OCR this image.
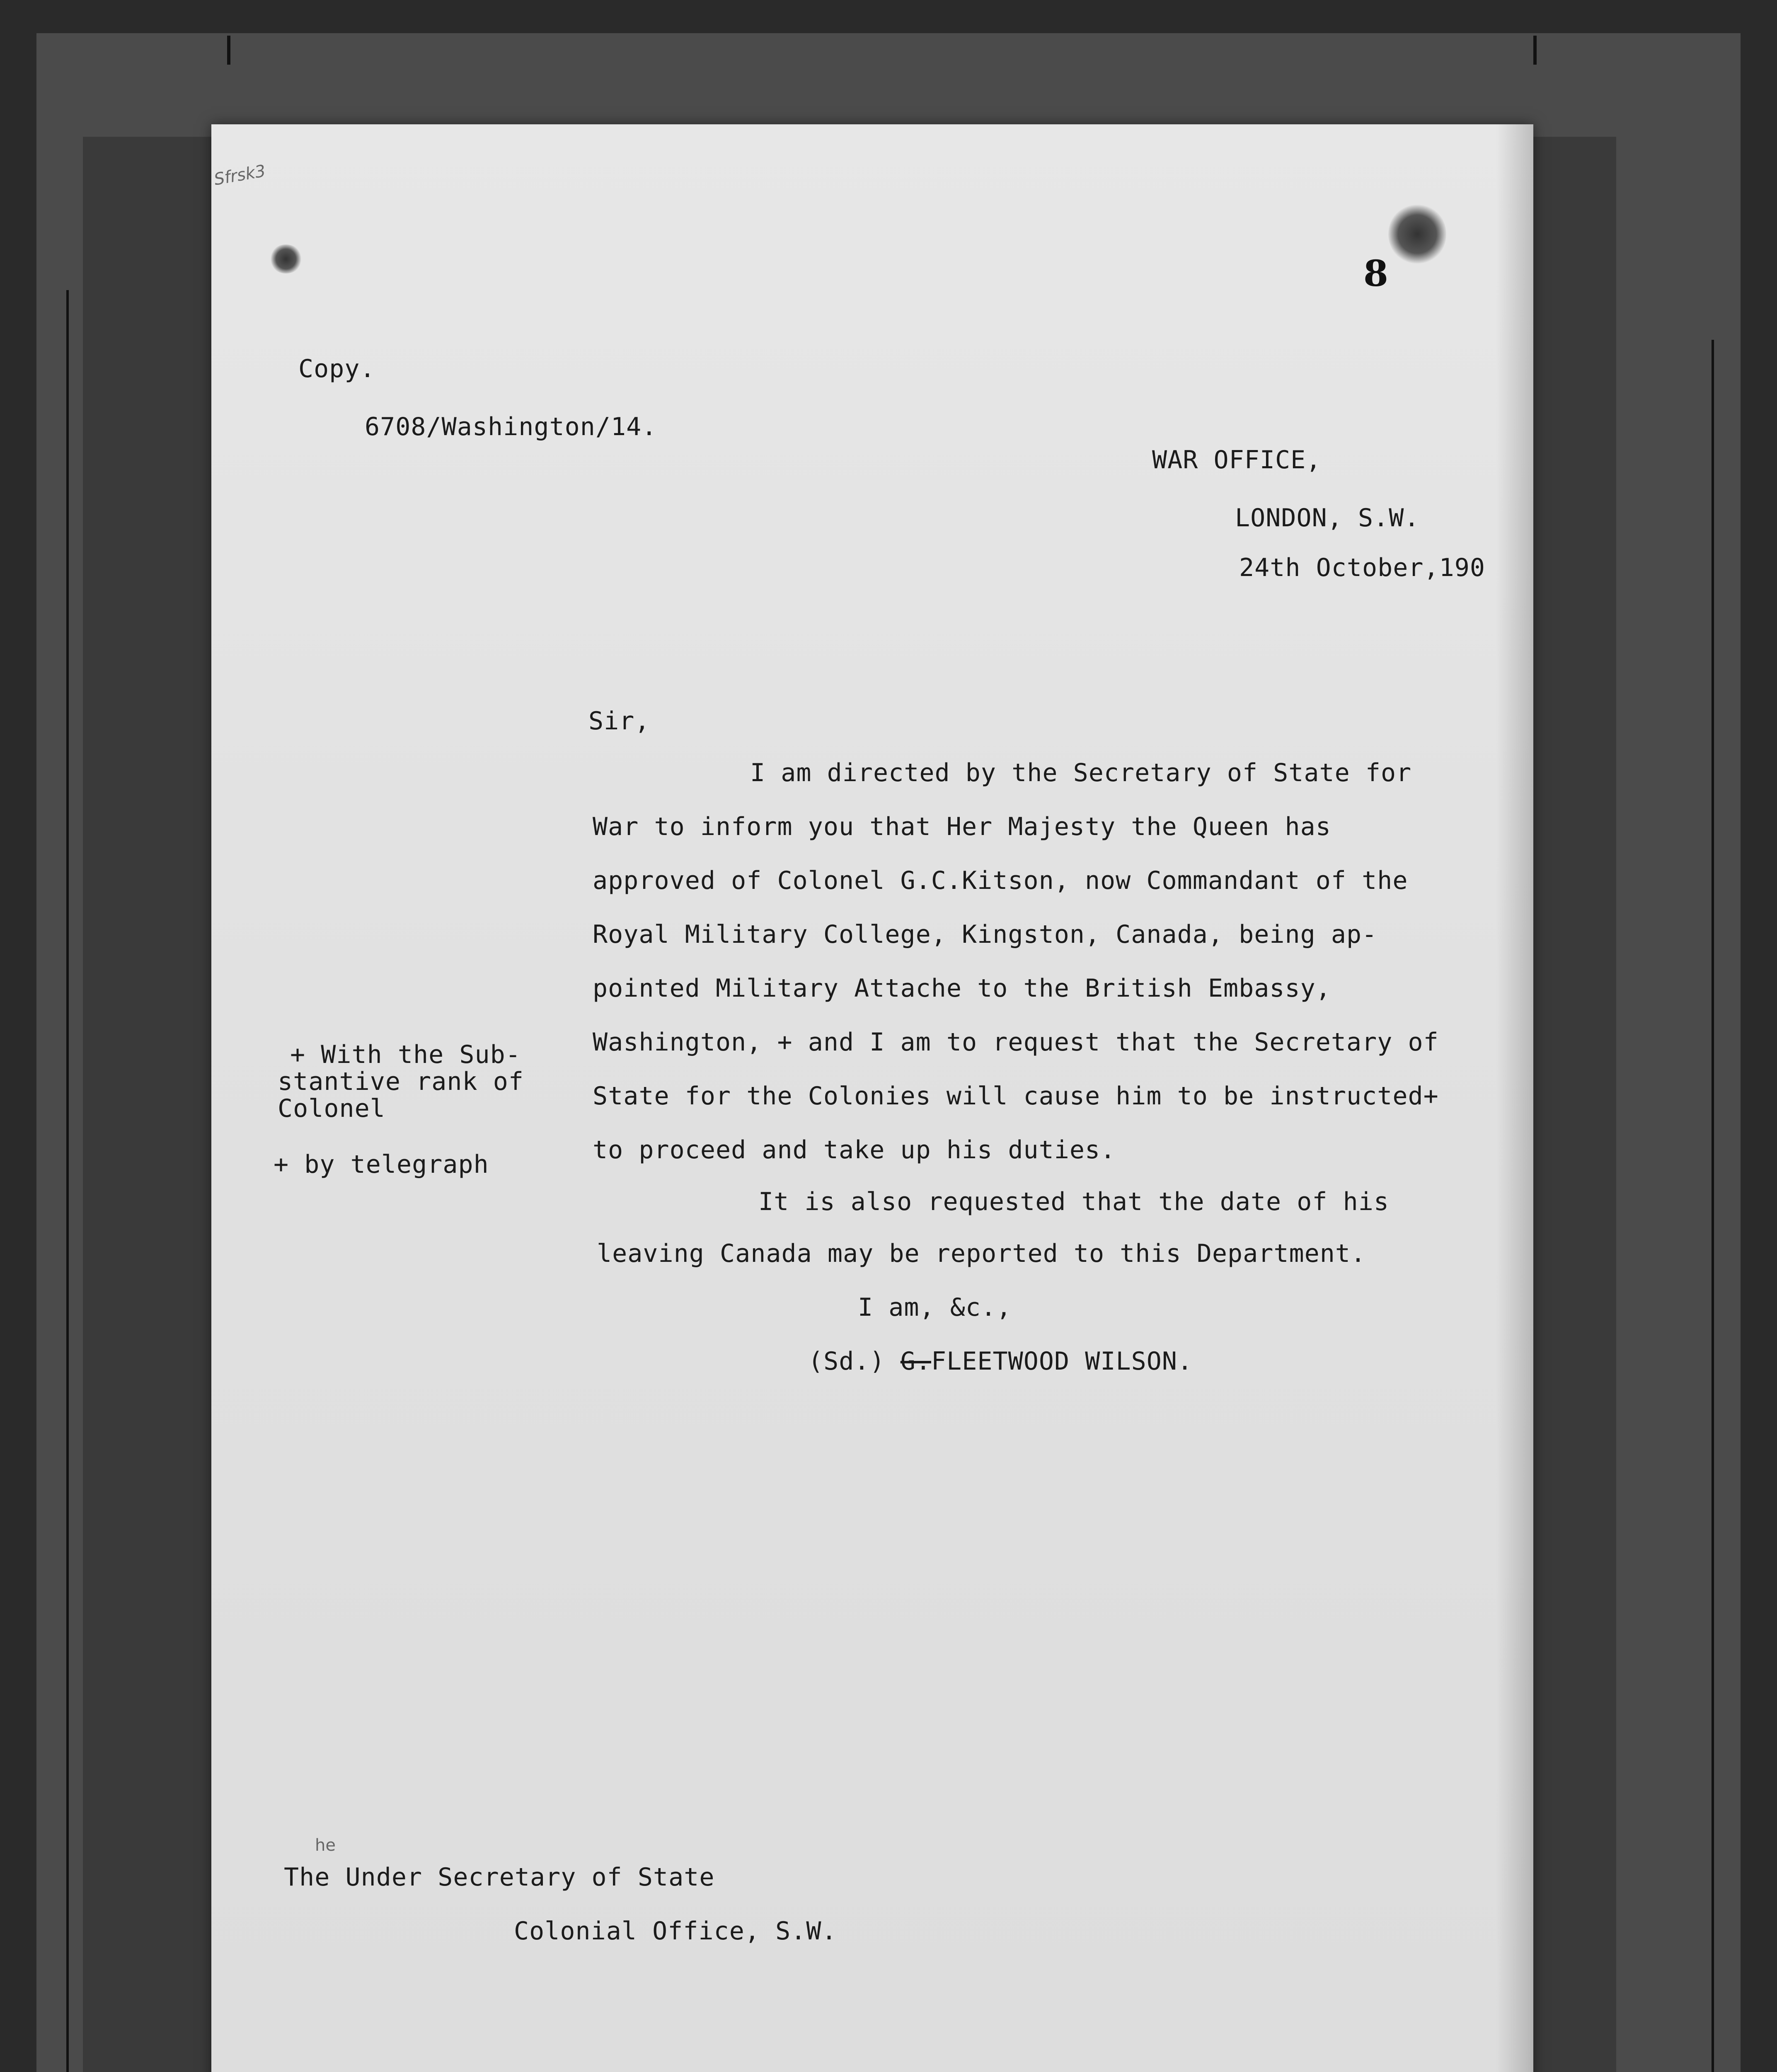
Sfrsk3
8
Copy.
6708/Washington/14.
WAR OFFICE,
LONDON, S.W.
24th October,190
Sir,
I am directed by the Secretary of State for
War to inform you that Her Majesty the Queen has
approved of Colonel G.C.Kitson, now Commandant of the
Royal Military College, Kingston, Canada, being ap-
pointed Military Attache to the British Embassy,
Washington, + and I am to request that the Secretary of
State for the Colonies will cause him to be instructed+
to proceed and take up his duties.
It is also requested that the date of his
leaving Canada may be reported to this Department.
+ With the Sub-
stantive rank of
Colonel
+ by telegraph
I am, &c.,
(Sd.) G.FLEETWOOD WILSON.
he
The Under Secretary of State
Colonial Office, S.W.
